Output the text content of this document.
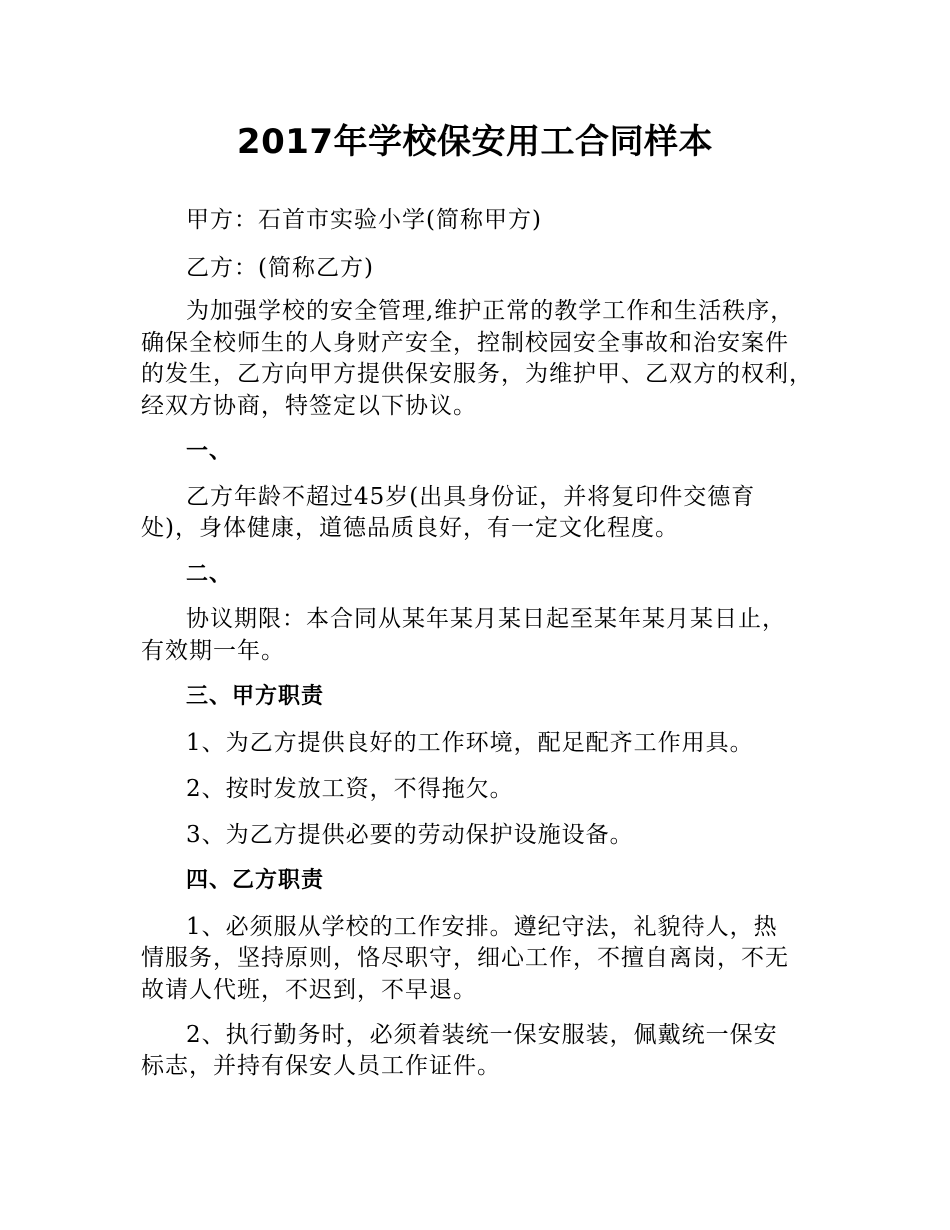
2017年学校保安用工合同样本
甲方：石首市实验小学(简称甲方)
乙方：(简称乙方)
为加强学校的安全管理,维护正常的教学工作和生活秩序，
确保全校师生的人身财产安全，控制校园安全事故和治安案件
的发生，乙方向甲方提供保安服务，为维护甲、乙双方的权利，
经双方协商，特签定以下协议。
一、
乙方年龄不超过45岁(出具身份证，并将复印件交德育
处)，身体健康，道德品质良好，有一定文化程度。
二、
协议期限：本合同从某年某月某日起至某年某月某日止，
有效期一年。
三、甲方职责
1、为乙方提供良好的工作环境，配足配齐工作用具。
2、按时发放工资，不得拖欠。
3、为乙方提供必要的劳动保护设施设备。
四、乙方职责
1、必须服从学校的工作安排。遵纪守法，礼貌待人，热
情服务，坚持原则，恪尽职守，细心工作，不擅自离岗，不无
故请人代班，不迟到，不早退。
2、执行勤务时，必须着装统一保安服装，佩戴统一保安
标志，并持有保安人员工作证件。
